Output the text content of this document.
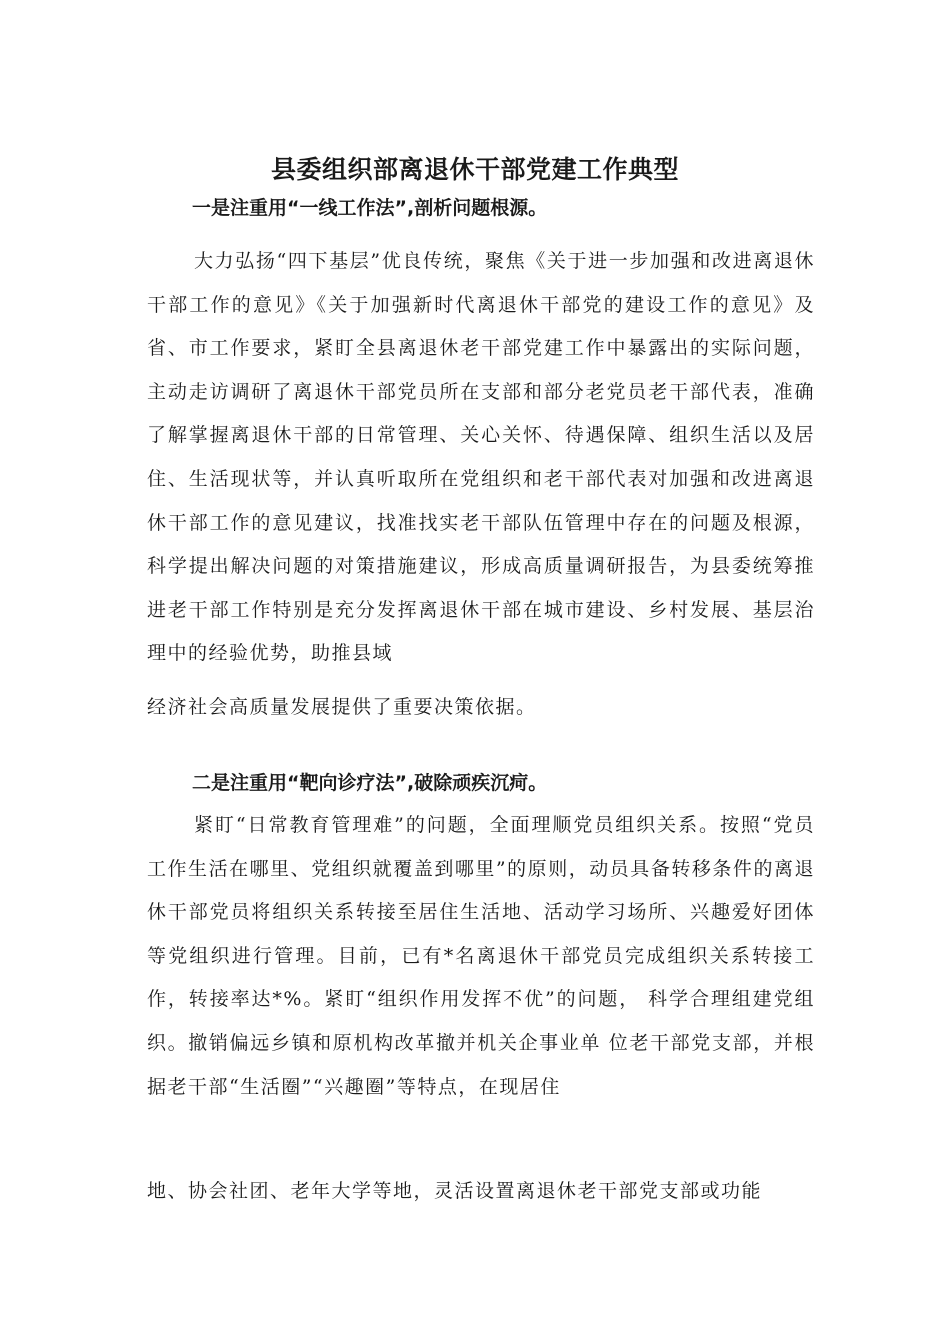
县委组织部离退休干部党建工作典型

一是注重用“一线工作法”,剖析问题根源。

大力弘扬“四下基层”优良传统，聚焦《关于进一步加强和改进离退休干部工作的意见》《关于加强新时代离退休干部党的建设工作的意见》及省、市工作要求，紧盯全县离退休老干部党建工作中暴露出的实际问题，主动走访调研了离退休干部党员所在支部和部分老党员老干部代表，准确了解掌握离退休干部的日常管理、关心关怀、待遇保障、组织生活以及居住、生活现状等，并认真听取所在党组织和老干部代表对加强和改进离退休干部工作的意见建议，找准找实老干部队伍管理中存在的问题及根源，科学提出解决问题的对策措施建议，形成高质量调研报告，为县委统筹推进老干部工作特别是充分发挥离退休干部在城市建设、乡村发展、基层治理中的经验优势，助推县域

经济社会高质量发展提供了重要决策依据。

二是注重用“靶向诊疗法”,破除顽疾沉疴。

紧盯“日常教育管理难”的问题，全面理顺党员组织关系。按照“党员工作生活在哪里、党组织就覆盖到哪里”的原则，动员具备转移条件的离退休干部党员将组织关系转接至居住生活地、活动学习场所、兴趣爱好团体等党组织进行管理。目前，已有*名离退休干部党员完成组织关系转接工作，转接率达*%。紧盯“组织作用发挥不优”的问题， 科学合理组建党组织。撤销偏远乡镇和原机构改革撤并机关企事业单 位老干部党支部，并根据老干部“生活圈”“兴趣圈”等特点，在现居住

地、协会社团、老年大学等地，灵活设置离退休老干部党支部或功能
